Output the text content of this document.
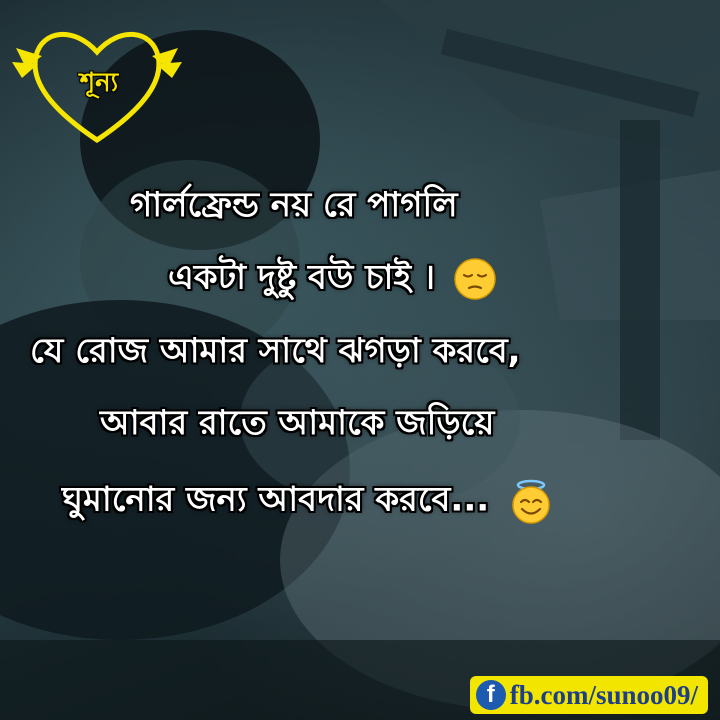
শূন্য
গার্লফ্রেন্ড নয় রে পাগলি
একটা দুষ্টু বউ চাই ।
যে রোজ আমার সাথে ঝগড়া করবে,
আবার রাতে আমাকে জড়িয়ে
ঘুমানোর জন্য আবদার করবে...
f fb.com/sunoo09/
